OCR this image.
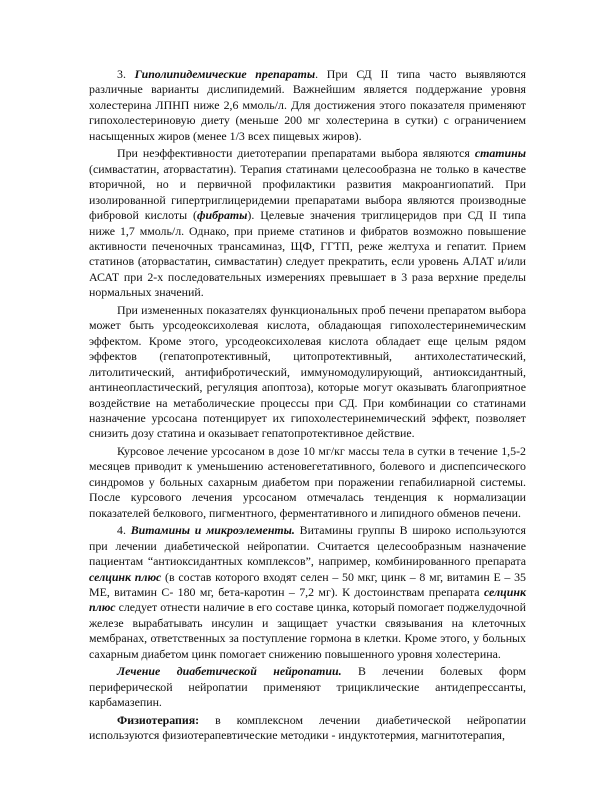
3. Гиполипидемические препараты. При СД II типа часто выявляются различные варианты дислипидемий. Важнейшим является поддержание уровня холестерина ЛПНП ниже 2,6 ммоль/л. Для достижения этого показателя применяют гипохолестериновую диету (меньше 200 мг холестерина в сутки) с ограничением насыщенных жиров (менее 1/3 всех пищевых жиров).

При неэффективности диетотерапии препаратами выбора являются статины (симвастатин, аторвастатин). Терапия статинами целесообразна не только в качестве вторичной, но и первичной профилактики развития макроангиопатий. При изолированной гипертриглицеридемии препаратами выбора являются производные фибровой кислоты (фибраты). Целевые значения триглицеридов при СД II типа ниже 1,7 ммоль/л. Однако, при приеме статинов и фибратов возможно повышение активности печеночных трансаминаз, ЩФ, ГГТП, реже желтуха и гепатит. Прием статинов (аторвастатин, симвастатин) следует прекратить, если уровень АЛАТ и/или АСАТ при 2-х последовательных измерениях превышает в 3 раза верхние пределы нормальных значений.

При измененных показателях функциональных проб печени препаратом выбора может быть урсодеоксихолевая кислота, обладающая гипохолестеринемическим эффектом. Кроме этого, урсодеоксихолевая кислота обладает еще целым рядом эффектов (гепатопротективный, цитопротективный, антихолестатический, литолитический, антифибротический, иммуномодулирующий, антиоксидантный, антинеопластический, регуляция апоптоза), которые могут оказывать благоприятное воздействие на метаболические процессы при СД. При комбинации со статинами назначение урсосана потенцирует их гипохолестеринемический эффект, позволяет снизить дозу статина и оказывает гепатопротективное действие.

Курсовое лечение урсосаном в дозе 10 мг/кг массы тела в сутки в течение 1,5-2 месяцев приводит к уменьшению астеновегетативного, болевого и диспепсического синдромов у больных сахарным диабетом при поражении гепабилиарной системы. После курсового лечения урсосаном отмечалась тенденция к нормализации показателей белкового, пигментного, ферментативного и липидного обменов печени.

4. Витамины и микроэлементы. Витамины группы В широко используются при лечении диабетической нейропатии. Считается целесообразным назначение пациентам “антиоксидантных комплексов”, например, комбинированного препарата селцинк плюс (в состав которого входят селен – 50 мкг, цинк – 8 мг, витамин Е – 35 МЕ, витамин С- 180 мг, бета-каротин – 7,2 мг). К достоинствам препарата селцинк плюс следует отнести наличие в его составе цинка, который помогает поджелудочной железе вырабатывать инсулин и защищает участки связывания на клеточных мембранах, ответственных за поступление гормона в клетки. Кроме этого, у больных сахарным диабетом цинк помогает снижению повышенного уровня холестерина.

Лечение диабетической нейропатии. В лечении болевых форм периферической нейропатии применяют трициклические антидепрессанты, карбамазепин.

Физиотерапия: в комплексном лечении диабетической нейропатии используются физиотерапевтические методики - индуктотермия, магнитотерапия,
